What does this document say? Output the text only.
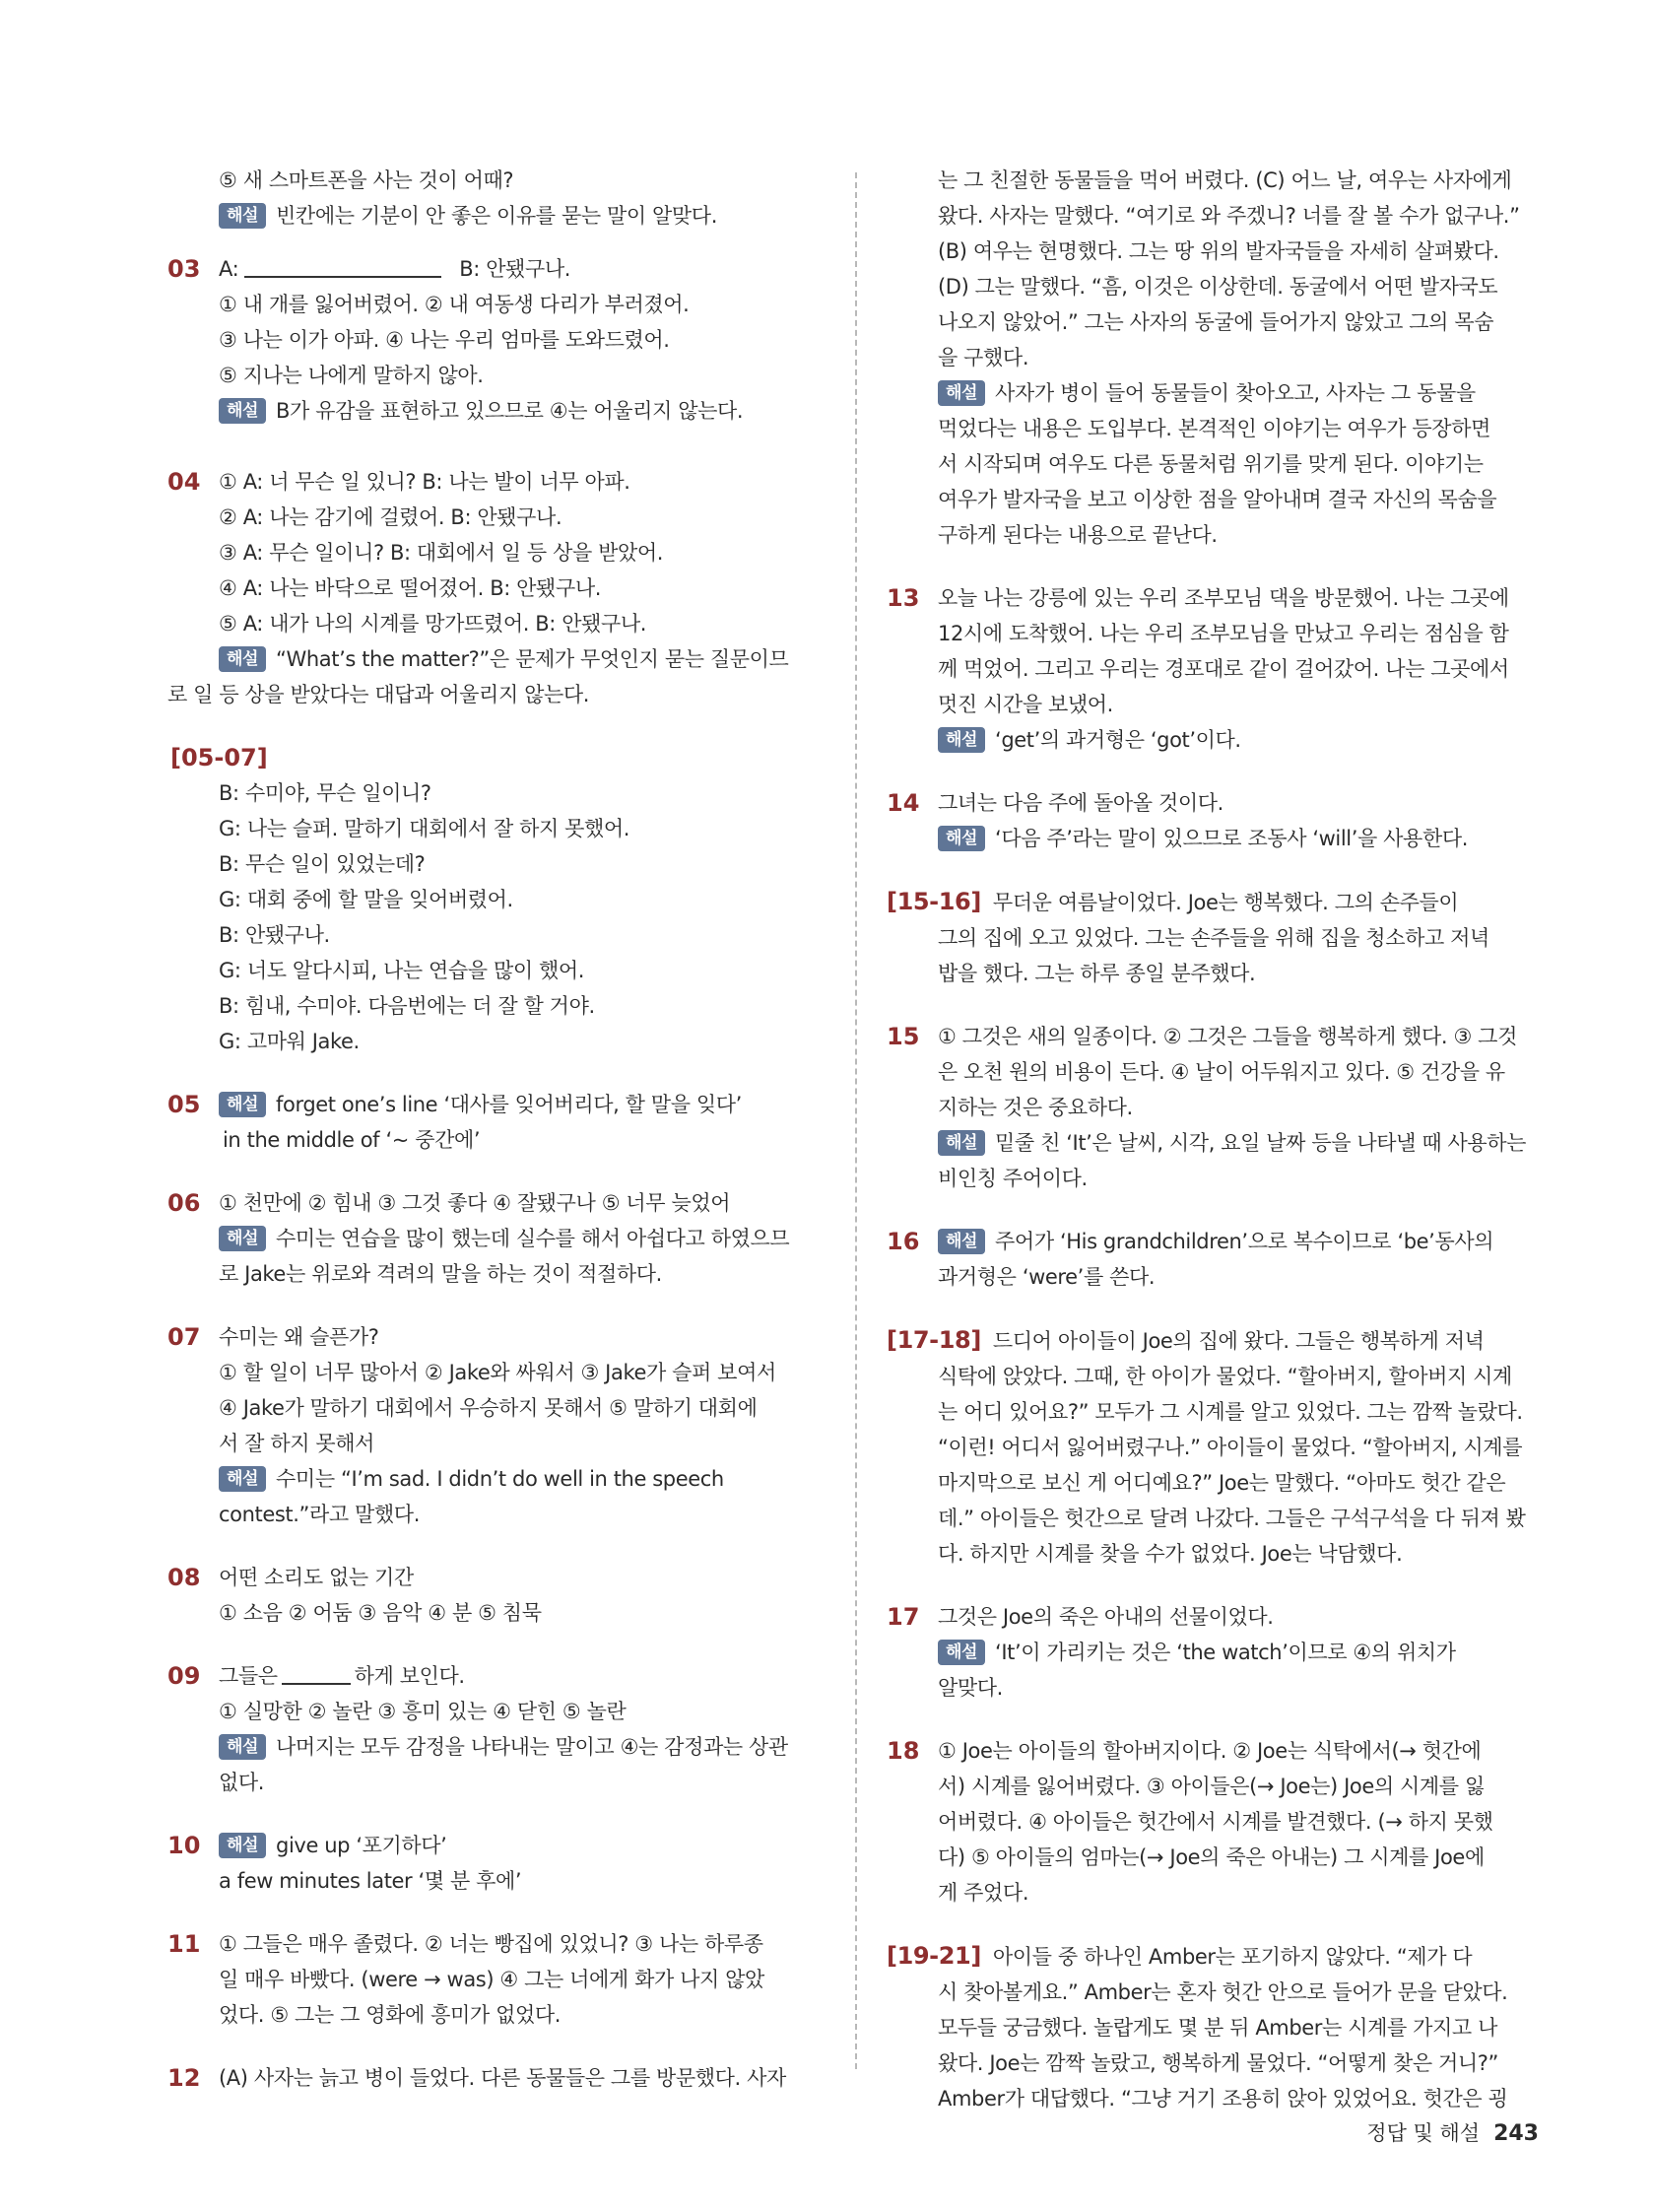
⑤ 새 스마트폰을 사는 것이 어때?
해설 빈칸에는 기분이 안 좋은 이유를 묻는 말이 알맞다.
03 A:	B: 안됐구나.
① 내 개를 잃어버렸어. ② 내 여동생 다리가 부러졌어.
③ 나는 이가 아파. ④ 나는 우리 엄마를 도와드렸어.
⑤ 지나는 나에게 말하지 않아.
해설 B가 유감을 표현하고 있으므로 ④는 어울리지 않는다.
04 ① A: 너 무슨 일 있니? B: 나는 발이 너무 아파.
② A: 나는 감기에 걸렸어. B: 안됐구나.
③ A: 무슨 일이니? B: 대회에서 일 등 상을 받았어.
④ A: 나는 바닥으로 떨어졌어. B: 안됐구나.
⑤ A: 내가 나의 시계를 망가뜨렸어. B: 안됐구나.
해설 “What’s the matter?”은 문제가 무엇인지 묻는 질문이므
로 일 등 상을 받았다는 대답과 어울리지 않는다.
[05-07]
B: 수미야, 무슨 일이니?
G: 나는 슬퍼. 말하기 대회에서 잘 하지 못했어.
B: 무슨 일이 있었는데?
G: 대회 중에 할 말을 잊어버렸어.
B: 안됐구나.
G: 너도 알다시피, 나는 연습을 많이 했어.
B: 힘내, 수미야. 다음번에는 더 잘 할 거야.
G: 고마워 Jake.
05	해설 forget one’s line ‘대사를 잊어버리다, 할 말을 잊다’
in the middle of ‘~ 중간에’
06 ① 천만에 ② 힘내 ③ 그것 좋다 ④ 잘됐구나 ⑤ 너무 늦었어
해설 수미는 연습을 많이 했는데 실수를 해서 아쉽다고 하였으므
로 Jake는 위로와 격려의 말을 하는 것이 적절하다.
07 수미는 왜 슬픈가?
① 할 일이 너무 많아서 ② Jake와 싸워서 ③ Jake가 슬퍼 보여서
④ Jake가 말하기 대회에서 우승하지 못해서 ⑤ 말하기 대회에
서 잘 하지 못해서
해설 수미는 “I’m sad. I didn’t do well in the speech
contest.”라고 말했다.
08 어떤 소리도 없는 기간
① 소음 ② 어둠 ③ 음악 ④ 분 ⑤ 침묵
09 그들은	하게 보인다.
① 실망한 ② 놀란 ③ 흥미 있는 ④ 닫힌 ⑤ 놀란
해설 나머지는 모두 감정을 나타내는 말이고 ④는 감정과는 상관
없다.
10	해설 give up ‘포기하다’
a few minutes later ‘몇 분 후에’
11 ① 그들은 매우 졸렸다. ② 너는 빵집에 있었니? ③ 나는 하루종
일 매우 바빴다. (were → was) ④ 그는 너에게 화가 나지 않았
었다. ⑤ 그는 그 영화에 흥미가 없었다.
12 (A) 사자는 늙고 병이 들었다. 다른 동물들은 그를 방문했다. 사자
는 그 친절한 동물들을 먹어 버렸다. (C) 어느 날, 여우는 사자에게
왔다. 사자는 말했다. “여기로 와 주겠니? 너를 잘 볼 수가 없구나.”
(B) 여우는 현명했다. 그는 땅 위의 발자국들을 자세히 살펴봤다.
(D) 그는 말했다. “흠, 이것은 이상한데. 동굴에서 어떤 발자국도
나오지 않았어.” 그는 사자의 동굴에 들어가지 않았고 그의 목숨
을 구했다.
해설 사자가 병이 들어 동물들이 찾아오고, 사자는 그 동물을
먹었다는 내용은 도입부다. 본격적인 이야기는 여우가 등장하면
서 시작되며 여우도 다른 동물처럼 위기를 맞게 된다. 이야기는
여우가 발자국을 보고 이상한 점을 알아내며 결국 자신의 목숨을
구하게 된다는 내용으로 끝난다.
13 오늘 나는 강릉에 있는 우리 조부모님 댁을 방문했어. 나는 그곳에
12시에 도착했어. 나는 우리 조부모님을 만났고 우리는 점심을 함
께 먹었어. 그리고 우리는 경포대로 같이 걸어갔어. 나는 그곳에서
멋진 시간을 보냈어.
해설 ‘get’의 과거형은 ‘got’이다.
14 그녀는 다음 주에 돌아올 것이다.
해설 ‘다음 주’라는 말이 있으므로 조동사 ‘will’을 사용한다.
[15-16] 무더운 여름날이었다. Joe는 행복했다. 그의 손주들이
그의 집에 오고 있었다. 그는 손주들을 위해 집을 청소하고 저녁
밥을 했다. 그는 하루 종일 분주했다.
15 ① 그것은 새의 일종이다. ② 그것은 그들을 행복하게 했다. ③ 그것
은 오천 원의 비용이 든다. ④ 날이 어두워지고 있다. ⑤ 건강을 유
지하는 것은 중요하다.
해설 밑줄 친 ‘It’은 날씨, 시각, 요일 날짜 등을 나타낼 때 사용하는
비인칭 주어이다.
16	해설 주어가 ‘His grandchildren’으로 복수이므로 ‘be’동사의
과거형은 ‘were’를 쓴다.
[17-18] 드디어 아이들이 Joe의 집에 왔다. 그들은 행복하게 저녁
식탁에 앉았다. 그때, 한 아이가 물었다. “할아버지, 할아버지 시계
는 어디 있어요?” 모두가 그 시계를 알고 있었다. 그는 깜짝 놀랐다.
“이런! 어디서 잃어버렸구나.” 아이들이 물었다. “할아버지, 시계를
마지막으로 보신 게 어디예요?” Joe는 말했다. “아마도 헛간 같은
데.” 아이들은 헛간으로 달려 나갔다. 그들은 구석구석을 다 뒤져 봤
다. 하지만 시계를 찾을 수가 없었다. Joe는 낙담했다.
17 그것은 Joe의 죽은 아내의 선물이었다.
해설 ‘It’이 가리키는 것은 ‘the watch’이므로 ④의 위치가
알맞다.
18 ① Joe는 아이들의 할아버지이다. ② Joe는 식탁에서(→ 헛간에
서) 시계를 잃어버렸다. ③ 아이들은(→ Joe는) Joe의 시계를 잃
어버렸다. ④ 아이들은 헛간에서 시계를 발견했다. (→ 하지 못했
다) ⑤ 아이들의 엄마는(→ Joe의 죽은 아내는) 그 시계를 Joe에
게 주었다.
[19-21] 아이들 중 하나인 Amber는 포기하지 않았다. “제가 다
시 찾아볼게요.” Amber는 혼자 헛간 안으로 들어가 문을 닫았다.
모두들 궁금했다. 놀랍게도 몇 분 뒤 Amber는 시계를 가지고 나
왔다. Joe는 깜짝 놀랐고, 행복하게 물었다. “어떻게 찾은 거니?”
Amber가 대답했다. “그냥 거기 조용히 앉아 있었어요. 헛간은 굉
정답 및 해설 243
